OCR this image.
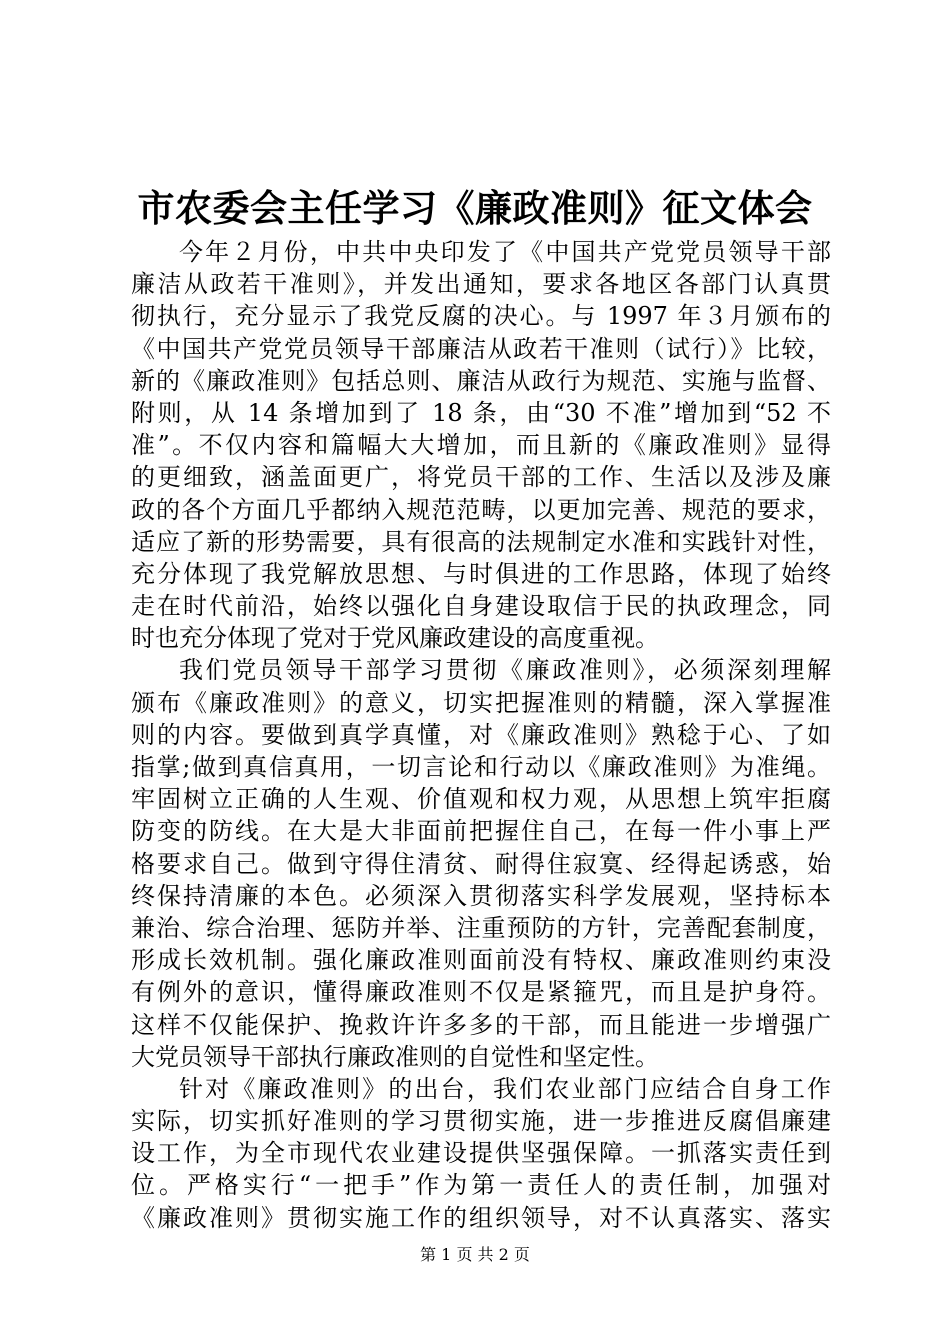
市农委会主任学习《廉政准则》征文体会
今年２月份，中共中央印发了《中国共产党党员领导干部
廉洁从政若干准则》，并发出通知，要求各地区各部门认真贯
彻执行，充分显示了我党反腐的决心。与 1997 年３月颁布的
《中国共产党党员领导干部廉洁从政若干准则（试行）》比较，
新的《廉政准则》包括总则、廉洁从政行为规范、实施与监督、
附则，从 14 条增加到了 18 条，由“30 不准”增加到“52 不
准”。不仅内容和篇幅大大增加，而且新的《廉政准则》显得
的更细致，涵盖面更广，将党员干部的工作、生活以及涉及廉
政的各个方面几乎都纳入规范范畴，以更加完善、规范的要求，
适应了新的形势需要，具有很高的法规制定水准和实践针对性，
充分体现了我党解放思想、与时俱进的工作思路，体现了始终
走在时代前沿，始终以强化自身建设取信于民的执政理念，同
时也充分体现了党对于党风廉政建设的高度重视。
我们党员领导干部学习贯彻《廉政准则》，必须深刻理解
颁布《廉政准则》的意义，切实把握准则的精髓，深入掌握准
则的内容。要做到真学真懂，对《廉政准则》熟稔于心、了如
指掌;做到真信真用，一切言论和行动以《廉政准则》为准绳。
牢固树立正确的人生观、价值观和权力观，从思想上筑牢拒腐
防变的防线。在大是大非面前把握住自己，在每一件小事上严
格要求自己。做到守得住清贫、耐得住寂寞、经得起诱惑，始
终保持清廉的本色。必须深入贯彻落实科学发展观，坚持标本
兼治、综合治理、惩防并举、注重预防的方针，完善配套制度，
形成长效机制。强化廉政准则面前没有特权、廉政准则约束没
有例外的意识，懂得廉政准则不仅是紧箍咒，而且是护身符。
这样不仅能保护、挽救许许多多的干部，而且能进一步增强广
大党员领导干部执行廉政准则的自觉性和坚定性。
针对《廉政准则》的出台，我们农业部门应结合自身工作
实际，切实抓好准则的学习贯彻实施，进一步推进反腐倡廉建
设工作，为全市现代农业建设提供坚强保障。一抓落实责任到
位。严格实行“一把手”作为第一责任人的责任制，加强对
《廉政准则》贯彻实施工作的组织领导，对不认真落实、落实
第 1 页 共 2 页
